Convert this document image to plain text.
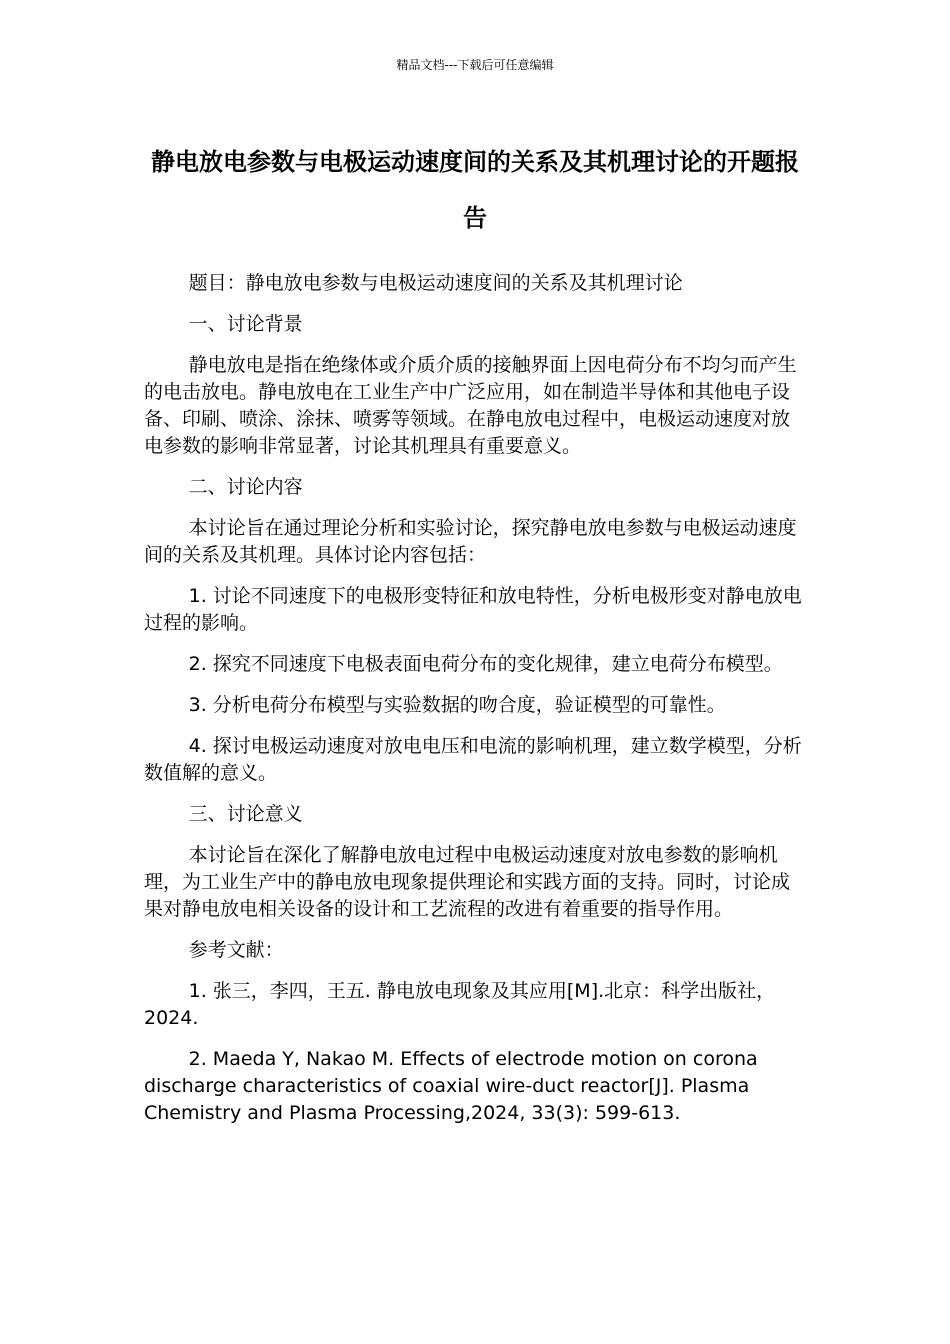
精品文档---下载后可任意编辑
静电放电参数与电极运动速度间的关系及其机理讨论的开题报告

题目：静电放电参数与电极运动速度间的关系及其机理讨论

一、讨论背景

静电放电是指在绝缘体或介质介质的接触界面上因电荷分布不均匀而产生的电击放电。静电放电在工业生产中广泛应用，如在制造半导体和其他电子设备、印刷、喷涂、涂抹、喷雾等领域。在静电放电过程中，电极运动速度对放电参数的影响非常显著，讨论其机理具有重要意义。

二、讨论内容

本讨论旨在通过理论分析和实验讨论，探究静电放电参数与电极运动速度间的关系及其机理。具体讨论内容包括：

1. 讨论不同速度下的电极形变特征和放电特性，分析电极形变对静电放电过程的影响。

2. 探究不同速度下电极表面电荷分布的变化规律，建立电荷分布模型。

3. 分析电荷分布模型与实验数据的吻合度，验证模型的可靠性。

4. 探讨电极运动速度对放电电压和电流的影响机理，建立数学模型，分析数值解的意义。

三、讨论意义

本讨论旨在深化了解静电放电过程中电极运动速度对放电参数的影响机理，为工业生产中的静电放电现象提供理论和实践方面的支持。同时，讨论成果对静电放电相关设备的设计和工艺流程的改进有着重要的指导作用。

参考文献：

1. 张三，李四，王五. 静电放电现象及其应用[M].北京：科学出版社，2024.

2. Maeda Y, Nakao M. Effects of electrode motion on corona discharge characteristics of coaxial wire-duct reactor[J]. Plasma Chemistry and Plasma Processing,2024, 33(3): 599-613.
